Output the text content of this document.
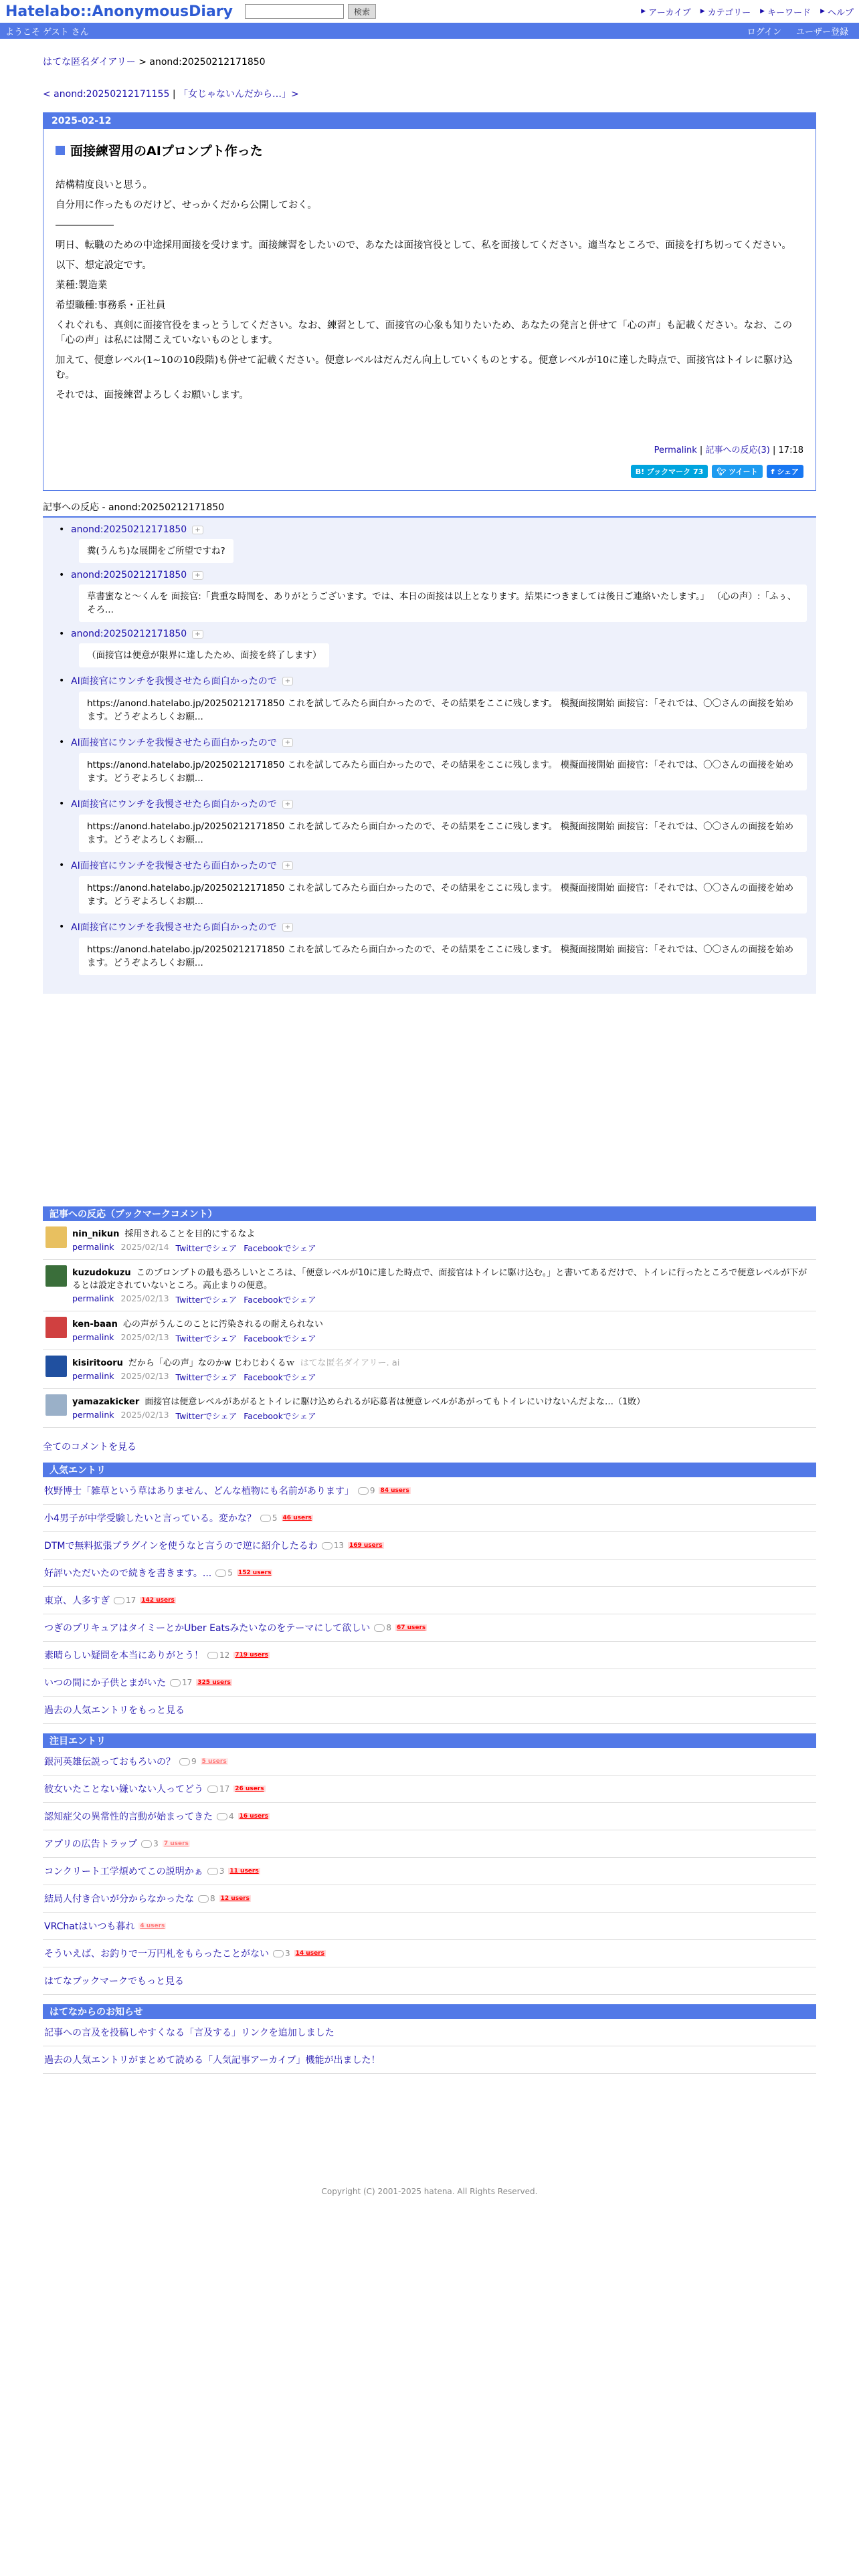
Hatelabo::AnonymousDiary	検索	▶ アーカイブ ▶ カテゴリー ▶ キーワード ▶ ヘルプ
ようこそ ゲスト さん	ログイン ユーザー登録
はてな匿名ダイアリー > anond:20250212171850
< anond:20250212171155 | 「女じゃないんだから…」>
2025-02-12
面接練習用のAIプロンプト作った

結構精度良いと思う。

自分用に作ったものだけど、せっかくだから公開しておく。

――――――

明日、転職のための中途採用面接を受けます。面接練習をしたいので、あなたは面接官役として、私を面接してください。適当なところで、面接を打ち切ってください。

以下、想定設定です。

業種:製造業

希望職種:事務系・正社員

くれぐれも、真剣に面接官役をまっとうしてください。なお、練習として、面接官の心象も知りたいため、あなたの発言と併せて「心の声」も記載ください。なお、この「心の声」は私には聞こえていないものとします。

加えて、便意レベル(1~10の10段階)も併せて記載ください。便意レベルはだんだん向上していくものとする。便意レベルが10に達した時点で、面接官はトイレに駆け込む。

それでは、面接練習よろしくお願いします。

Permalink | 記事への反応(3) | 17:18
B! ブックマーク 73	🐦︎
ツイート f
シェア
記事への反応 - anond:20250212171850
• anond:20250212171850	+
糞(うんち)な展開をご所望ですね?
• anond:20250212171850	+
草書蜜なと～くんを 面接官:「貴重な時間を、ありがとうございます。では、本日の面接は以上となります。結果につきましては後日ご連絡いたします。」 （心の声）:「ふぅ、そろ...
• anond:20250212171850	+
（面接官は便意が限界に達したため、面接を終了します）
• AI面接官にウンチを我慢させたら面白かったので	+
https://anond.hatelabo.jp/20250212171850 これを試してみたら面白かったので、その結果をここに残します。 模擬面接開始 面接官：「それでは、〇〇さんの面接を始めます。どうぞよろしくお願...
• AI面接官にウンチを我慢させたら面白かったので	+
https://anond.hatelabo.jp/20250212171850 これを試してみたら面白かったので、その結果をここに残します。 模擬面接開始 面接官：「それでは、〇〇さんの面接を始めます。どうぞよろしくお願...
• AI面接官にウンチを我慢させたら面白かったので	+
https://anond.hatelabo.jp/20250212171850 これを試してみたら面白かったので、その結果をここに残します。 模擬面接開始 面接官：「それでは、〇〇さんの面接を始めます。どうぞよろしくお願...
• AI面接官にウンチを我慢させたら面白かったので	+
https://anond.hatelabo.jp/20250212171850 これを試してみたら面白かったので、その結果をここに残します。 模擬面接開始 面接官：「それでは、〇〇さんの面接を始めます。どうぞよろしくお願...
• AI面接官にウンチを我慢させたら面白かったので	+
https://anond.hatelabo.jp/20250212171850 これを試してみたら面白かったので、その結果をここに残します。 模擬面接開始 面接官：「それでは、〇〇さんの面接を始めます。どうぞよろしくお願...
記事への反応（ブックマークコメント）
nin_nikun 採用されることを目的にするなよ
permalink 2025/02/14 Twitterでシェア Facebookでシェア
kuzudokuzu このプロンプトの最も恐ろしいところは、「便意レベルが10に達した時点で、面接官はトイレに駆け込む。」と書いてあるだけで、トイレに行ったところで便意レベルが下がるとは設定されていないところ。高止まりの便意。
permalink 2025/02/13 Twitterでシェア Facebookでシェア
ken-baan 心の声がうんこのことに汚染されるの耐えられない
permalink 2025/02/13 Twitterでシェア Facebookでシェア
kisiritooru だから「心の声」なのかw じわじわくるｗ はてな匿名ダイアリー. ai
permalink 2025/02/13 Twitterでシェア Facebookでシェア
yamazakicker 面接官は便意レベルがあがるとトイレに駆け込められるが応募者は便意レベルがあがってもトイレにいけないんだよな…（1敗）
permalink 2025/02/13 Twitterでシェア Facebookでシェア
全てのコメントを見る
人気エントリ
牧野博士「雑草という草はありません、どんな植物にも名前があります」 9 84 users
小4男子が中学受験したいと言っている。変かな？ 5 46 users
DTMで無料拡張プラグインを使うなと言うので逆に紹介したるわ 13 169 users
好評いただいたので続きを書きます。... 5 152 users
東京、人多すぎ 17 142 users
つぎのプリキュアはタイミーとかUber Eatsみたいなのをテーマにして欲しい 8 67 users
素晴らしい疑問を本当にありがとう！ 12 719 users
いつの間にか子供とまがいた 17 325 users
過去の人気エントリをもっと見る
注目エントリ
銀河英雄伝説っておもろいの？ 9 5 users
彼女いたことない嫌いない人ってどう 17 26 users
認知症父の異常性的言動が始まってきた 4 16 users
アプリの広告トラップ 3 7 users
コンクリート工学煩めてこの説明かぁ 3 11 users
結局人付き合いが分からなかったな 8 12 users
VRChatはいつも暮れ 4 users
そういえば、お釣りで一万円札をもらったことがない 3 14 users
はてなブックマークでもっと見る
はてなからのお知らせ
記事への言及を投稿しやすくなる「言及する」リンクを追加しました
過去の人気エントリがまとめて読める「人気記事アーカイブ」機能が出ました！
Copyright (C) 2001-2025 hatena. All Rights Reserved.
